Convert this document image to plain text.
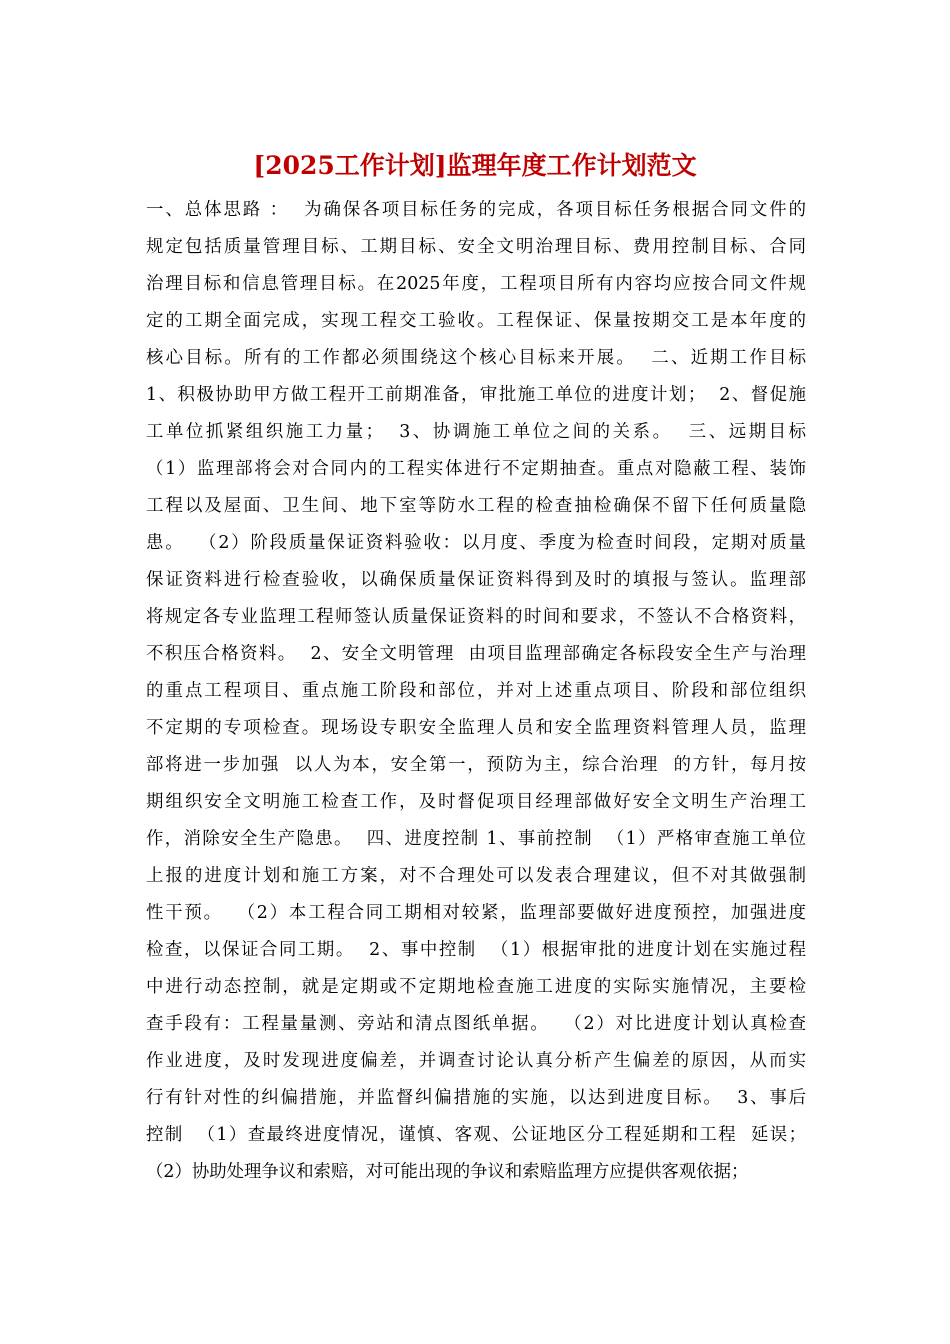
[2025工作计划]监理年度工作计划范文
一、总体思路 ：  为确保各项目标任务的完成，各项目标任务根据合同文件的
规定包括质量管理目标、工期目标、安全文明治理目标、费用控制目标、合同
治理目标和信息管理目标。在2025年度，工程项目所有内容均应按合同文件规
定的工期全面完成，实现工程交工验收。工程保证、保量按期交工是本年度的
核心目标。所有的工作都必须围绕这个核心目标来开展。  二、近期工作目标
1、积极协助甲方做工程开工前期准备，审批施工单位的进度计划；  2、督促施
工单位抓紧组织施工力量；  3、协调施工单位之间的关系。  三、远期目标
（1）监理部将会对合同内的工程实体进行不定期抽查。重点对隐蔽工程、装饰
工程以及屋面、卫生间、地下室等防水工程的检查抽检确保不留下任何质量隐
患。  （2）阶段质量保证资料验收：以月度、季度为检查时间段，定期对质量
保证资料进行检查验收，以确保质量保证资料得到及时的填报与签认。监理部
将规定各专业监理工程师签认质量保证资料的时间和要求，不签认不合格资料，
不积压合格资料。  2、安全文明管理  由项目监理部确定各标段安全生产与治理
的重点工程项目、重点施工阶段和部位，并对上述重点项目、阶段和部位组织
不定期的专项检查。现场设专职安全监理人员和安全监理资料管理人员，监理
部将进一步加强  以人为本，安全第一，预防为主，综合治理  的方针，每月按
期组织安全文明施工检查工作，及时督促项目经理部做好安全文明生产治理工
作，消除安全生产隐患。  四、进度控制 1、事前控制  （1）严格审查施工单位
上报的进度计划和施工方案，对不合理处可以发表合理建议，但不对其做强制
性干预。  （2）本工程合同工期相对较紧，监理部要做好进度预控，加强进度
检查，以保证合同工期。  2、事中控制  （1）根据审批的进度计划在实施过程
中进行动态控制，就是定期或不定期地检查施工进度的实际实施情况，主要检
查手段有：工程量量测、旁站和清点图纸单据。  （2）对比进度计划认真检查
作业进度，及时发现进度偏差，并调查讨论认真分析产生偏差的原因，从而实
行有针对性的纠偏措施，并监督纠偏措施的实施，以达到进度目标。  3、事后
控制  （1）查最终进度情况，谨慎、客观、公证地区分工程延期和工程  延误；
（2）协助处理争议和索赔，对可能出现的争议和索赔监理方应提供客观依据；
